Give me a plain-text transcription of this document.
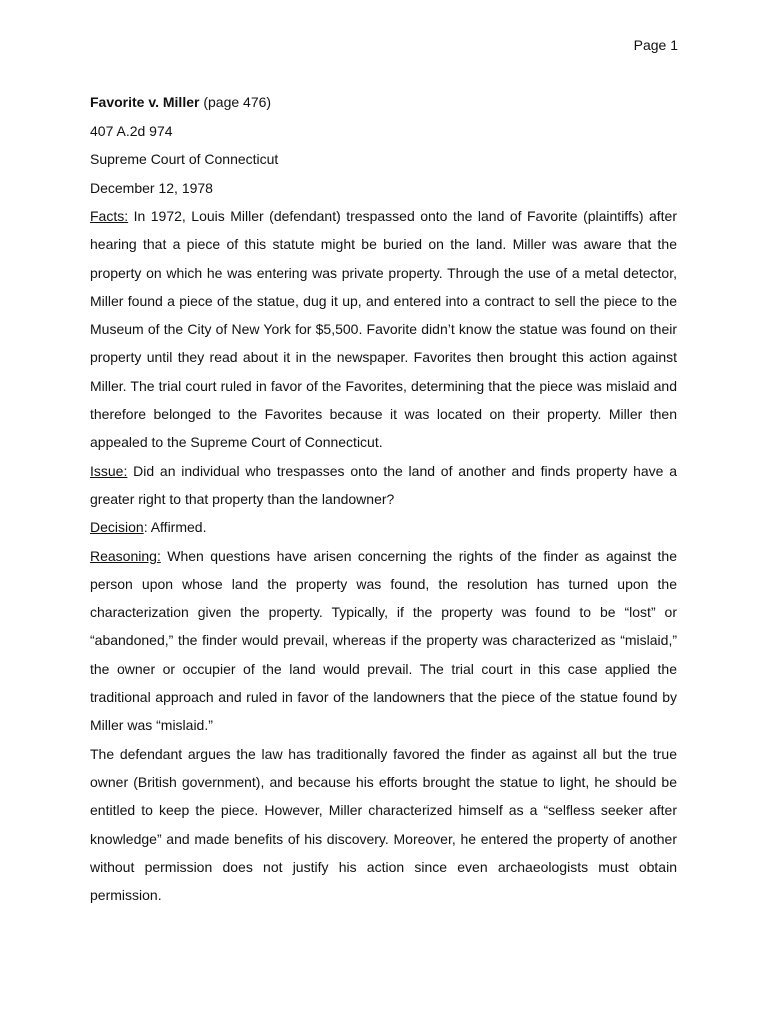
Page 1

Favorite v. Miller (page 476)

407 A.2d 974

Supreme Court of Connecticut

December 12, 1978

Facts: In 1972, Louis Miller (defendant) trespassed onto the land of Favorite (plaintiffs) after hearing that a piece of this statute might be buried on the land. Miller was aware that the property on which he was entering was private property. Through the use of a metal detector, Miller found a piece of the statue, dug it up, and entered into a contract to sell the piece to the Museum of the City of New York for $5,500. Favorite didn’t know the statue was found on their property until they read about it in the newspaper. Favorites then brought this action against Miller. The trial court ruled in favor of the Favorites, determining that the piece was mislaid and therefore belonged to the Favorites because it was located on their property. Miller then appealed to the Supreme Court of Connecticut.

Issue: Did an individual who trespasses onto the land of another and finds property have a greater right to that property than the landowner?

Decision: Affirmed.

Reasoning: When questions have arisen concerning the rights of the finder as against the person upon whose land the property was found, the resolution has turned upon the characterization given the property. Typically, if the property was found to be “lost” or “abandoned,” the finder would prevail, whereas if the property was characterized as “mislaid,” the owner or occupier of the land would prevail. The trial court in this case applied the traditional approach and ruled in favor of the landowners that the piece of the statue found by Miller was “mislaid.”

The defendant argues the law has traditionally favored the finder as against all but the true owner (British government), and because his efforts brought the statue to light, he should be entitled to keep the piece. However, Miller characterized himself as a “selfless seeker after knowledge” and made benefits of his discovery. Moreover, he entered the property of another without permission does not justify his action since even archaeologists must obtain permission.
